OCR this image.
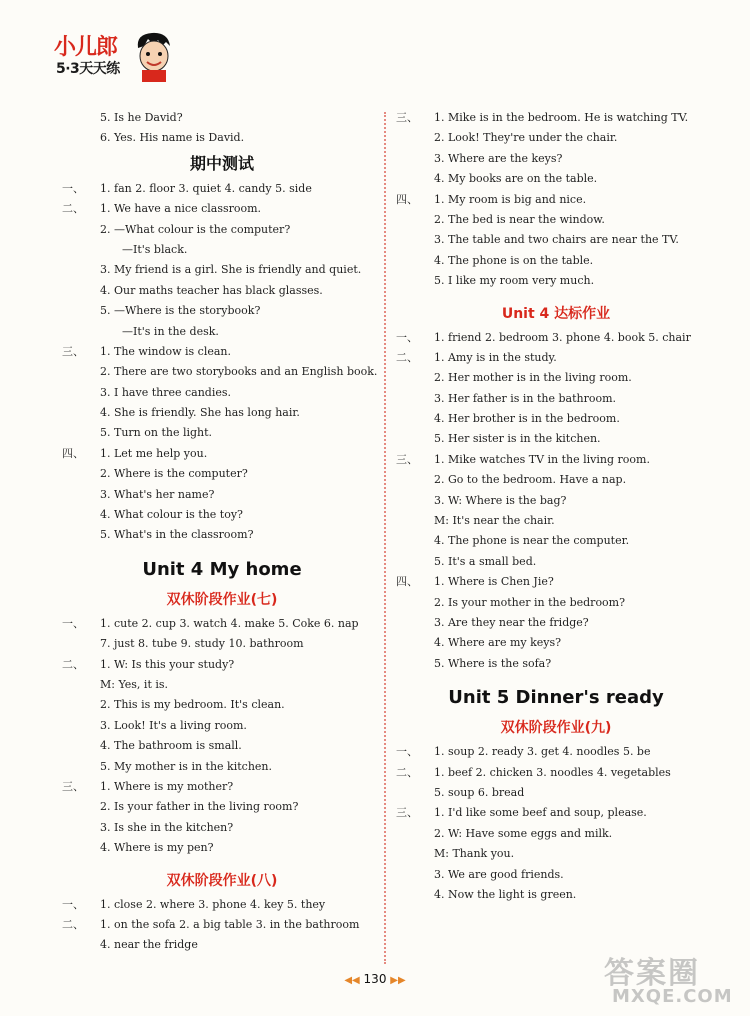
小儿郎
5·3天天练
5. Is he David?
6. Yes. His name is David.
期中测试
一、 1. fan 2. floor 3. quiet 4. candy 5. side
二、 1. We have a nice classroom.
2. —What colour is the computer?
—It's black.
3. My friend is a girl. She is friendly and quiet.
4. Our maths teacher has black glasses.
5. —Where is the storybook?
—It's in the desk.
三、 1. The window is clean.
2. There are two storybooks and an English book.
3. I have three candies.
4. She is friendly. She has long hair.
5. Turn on the light.
四、 1. Let me help you.
2. Where is the computer?
3. What's her name?
4. What colour is the toy?
5. What's in the classroom?
Unit 4 My home
双休阶段作业(七)
一、 1. cute 2. cup 3. watch 4. make 5. Coke 6. nap
7. just 8. tube 9. study 10. bathroom
二、 1. W: Is this your study?
M: Yes, it is.
2. This is my bedroom. It's clean.
3. Look! It's a living room.
4. The bathroom is small.
5. My mother is in the kitchen.
三、 1. Where is my mother?
2. Is your father in the living room?
3. Is she in the kitchen?
4. Where is my pen?
双休阶段作业(八)
一、 1. close 2. where 3. phone 4. key 5. they
二、 1. on the sofa 2. a big table 3. in the bathroom
4. near the fridge
三、 1. Mike is in the bedroom. He is watching TV.
2. Look! They're under the chair.
3. Where are the keys?
4. My books are on the table.
四、 1. My room is big and nice.
2. The bed is near the window.
3. The table and two chairs are near the TV.
4. The phone is on the table.
5. I like my room very much.
Unit 4 达标作业
一、 1. friend 2. bedroom 3. phone 4. book 5. chair
二、 1. Amy is in the study.
2. Her mother is in the living room.
3. Her father is in the bathroom.
4. Her brother is in the bedroom.
5. Her sister is in the kitchen.
三、 1. Mike watches TV in the living room.
2. Go to the bedroom. Have a nap.
3. W: Where is the bag?
M: It's near the chair.
4. The phone is near the computer.
5. It's a small bed.
四、 1. Where is Chen Jie?
2. Is your mother in the bedroom?
3. Are they near the fridge?
4. Where are my keys?
5. Where is the sofa?
Unit 5 Dinner's ready
双休阶段作业(九)
一、 1. soup 2. ready 3. get 4. noodles 5. be
二、 1. beef 2. chicken 3. noodles 4. vegetables
5. soup 6. bread
三、 1. I'd like some beef and soup, please.
2. W: Have some eggs and milk.
M: Thank you.
3. We are good friends.
4. Now the light is green.
◀◀ 130 ▶▶	答案圈
MXQE.COM
